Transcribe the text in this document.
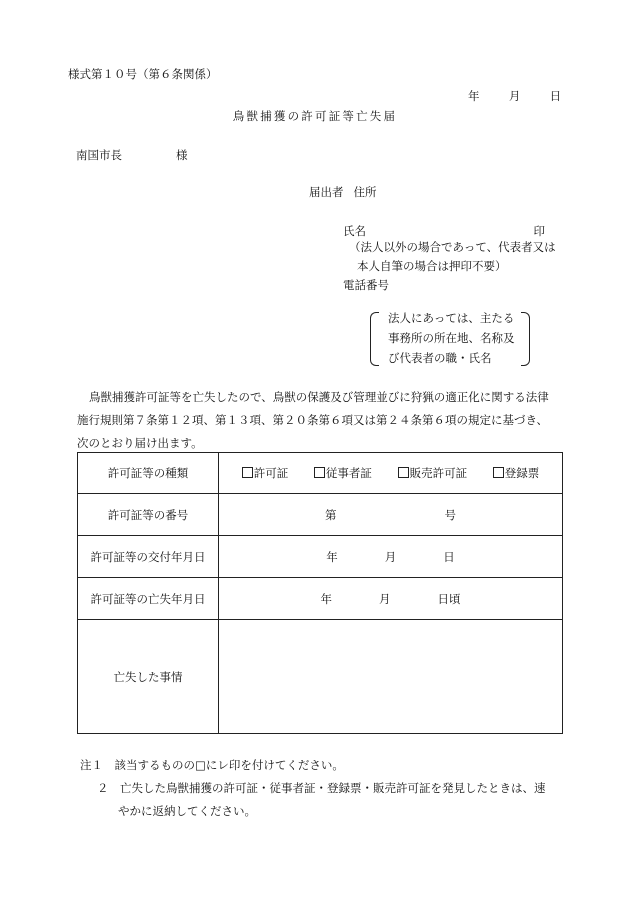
様式第１０号（第６条関係）
年	月	日
鳥獣捕獲の許可証等亡失届
南国市長	様
届出者 住所
氏名	印
（法人以外の場合であって、代表者又は
本人自筆の場合は押印不要）
電話番号
法人にあっては、主たる
事務所の所在地、名称及
び代表者の職・氏名
鳥獣捕獲許可証等を亡失したので、鳥獣の保護及び管理並びに狩猟の適正化に関する法律
施行規則第７条第１２項、第１３項、第２０条第６項又は第２４条第６項の規定に基づき、
次のとおり届け出ます。
許可証等の種類	許可証 従事者証 販売許可証 登録票
許可証等の番号	第 号
許可証等の交付年月日	年 月 日
許可証等の亡失年月日	年 月 日頃
亡失した事情	
注１　該当するものの□にレ印を付けてください。
２　亡失した鳥獣捕獲の許可証・従事者証・登録票・販売許可証を発見したときは、速
やかに返納してください。
